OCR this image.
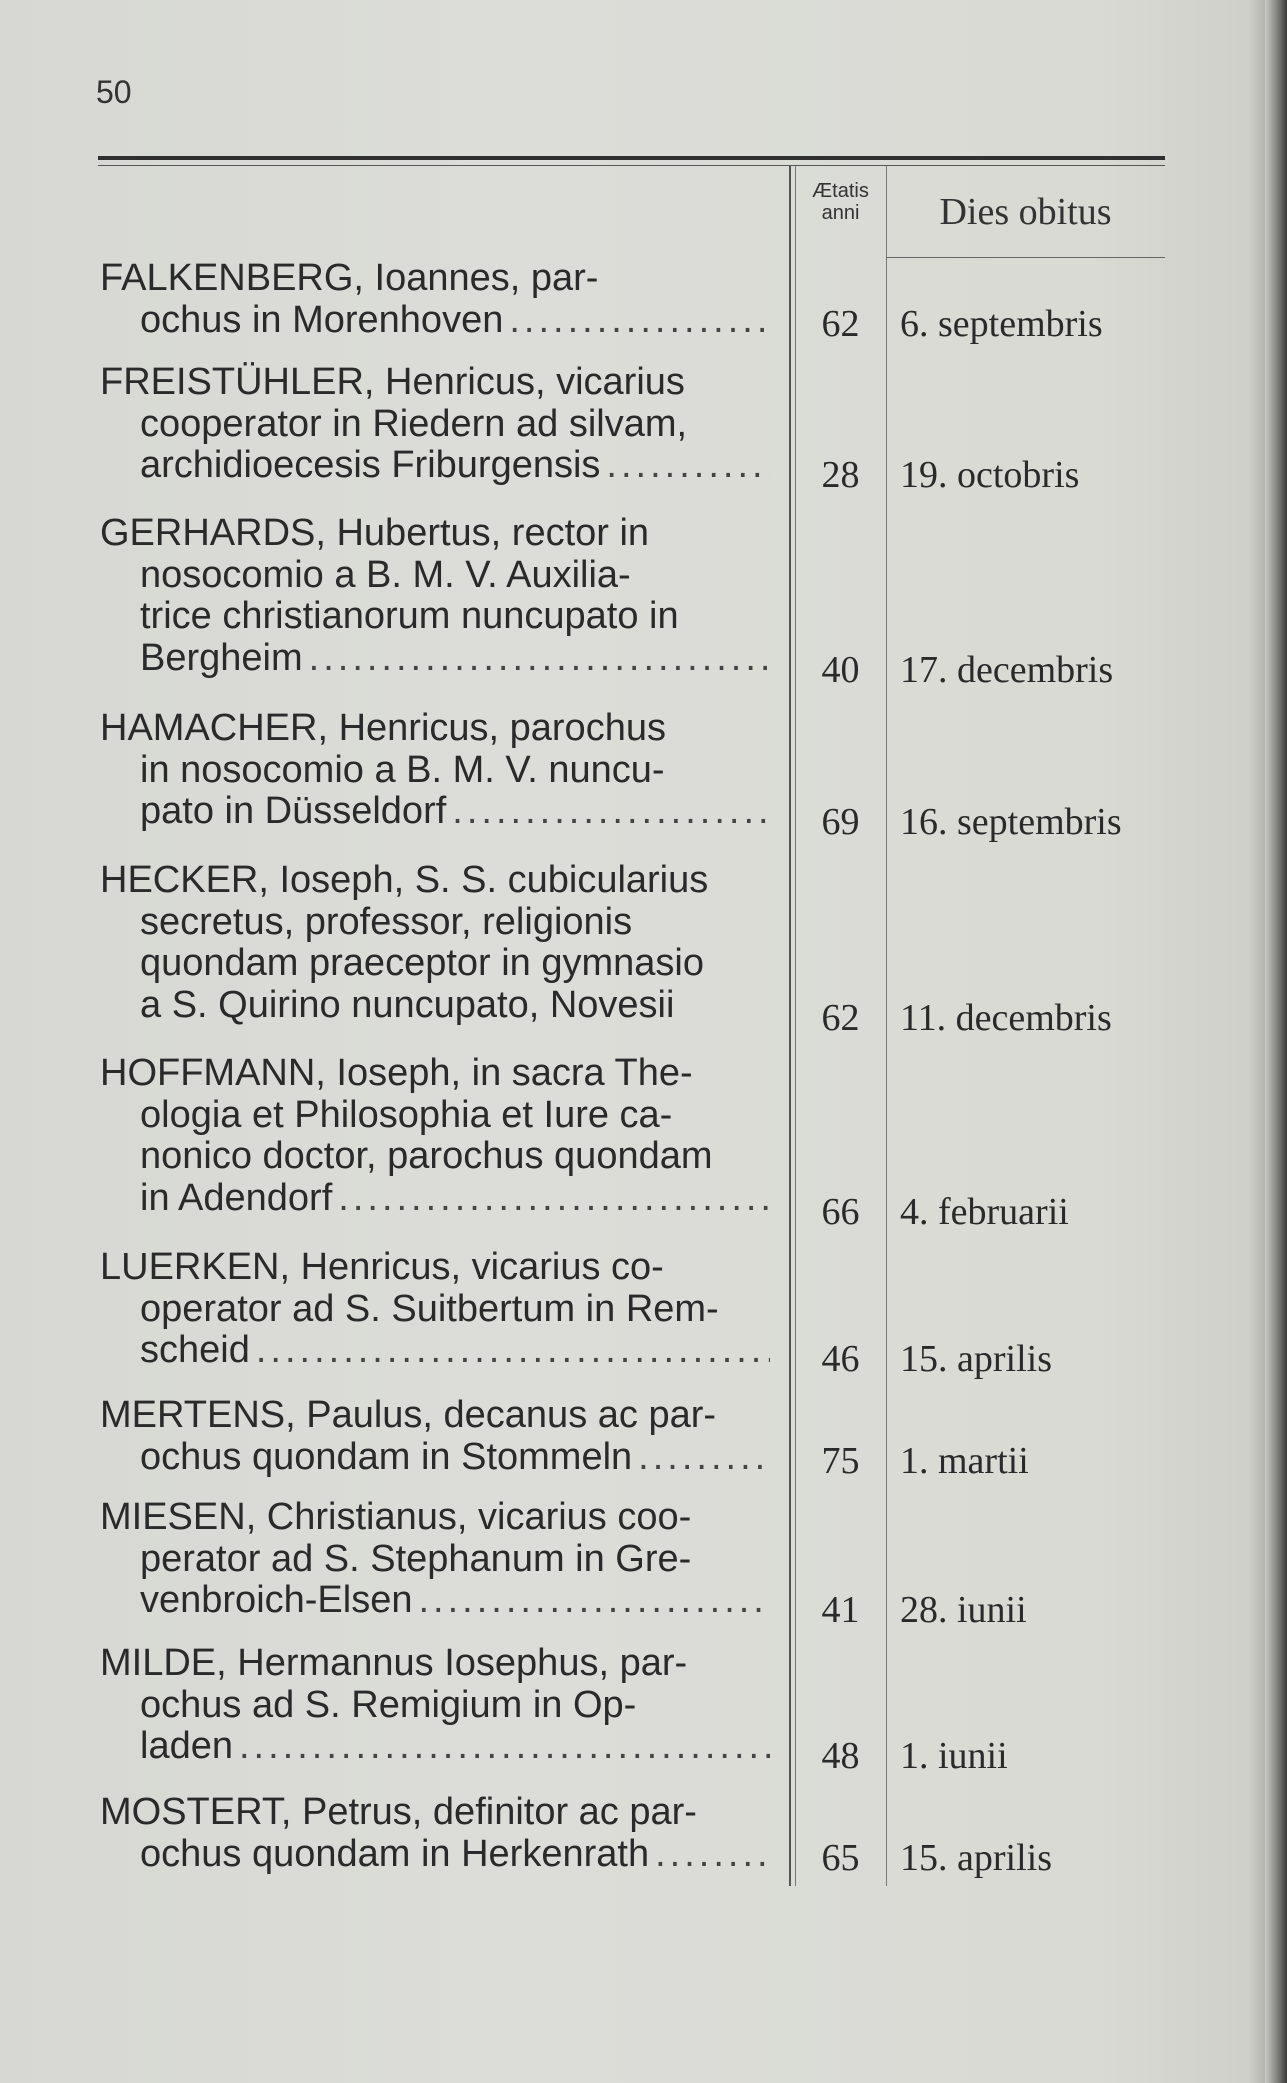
50
Ætatis
anni	Dies obitus
FALKENBERG, Ioannes, par-
ochus in Morenhoven .....	62	6. septembris
FREISTÜHLER, Henricus, vicarius
cooperator in Riedern ad silvam,
archidioecesis Friburgensis .....	28	19. octobris
GERHARDS, Hubertus, rector in
nosocomio a B. M. V. Auxilia-
trice christianorum nuncupato in
Bergheim .....	40	17. decembris
HAMACHER, Henricus, parochus
in nosocomio a B. M. V. nuncu-
pato in Düsseldorf .....	69	16. septembris
HECKER, Ioseph, S. S. cubicularius
secretus, professor, religionis
quondam praeceptor in gymnasio
a S. Quirino nuncupato, Novesii	62	11. decembris
HOFFMANN, Ioseph, in sacra The-
ologia et Philosophia et Iure ca-
nonico doctor, parochus quondam
in Adendorf .....	66	4. februarii
LUERKEN, Henricus, vicarius co-
operator ad S. Suitbertum in Rem-
scheid .....	46	15. aprilis
MERTENS, Paulus, decanus ac par-
ochus quondam in Stommeln .....	75	1. martii
MIESEN, Christianus, vicarius coo-
perator ad S. Stephanum in Gre-
venbroich-Elsen .....	41	28. iunii
MILDE, Hermannus Iosephus, par-
ochus ad S. Remigium in Op-
laden .....	48	1. iunii
MOSTERT, Petrus, definitor ac par-
ochus quondam in Herkenrath .....	65	15. aprilis
